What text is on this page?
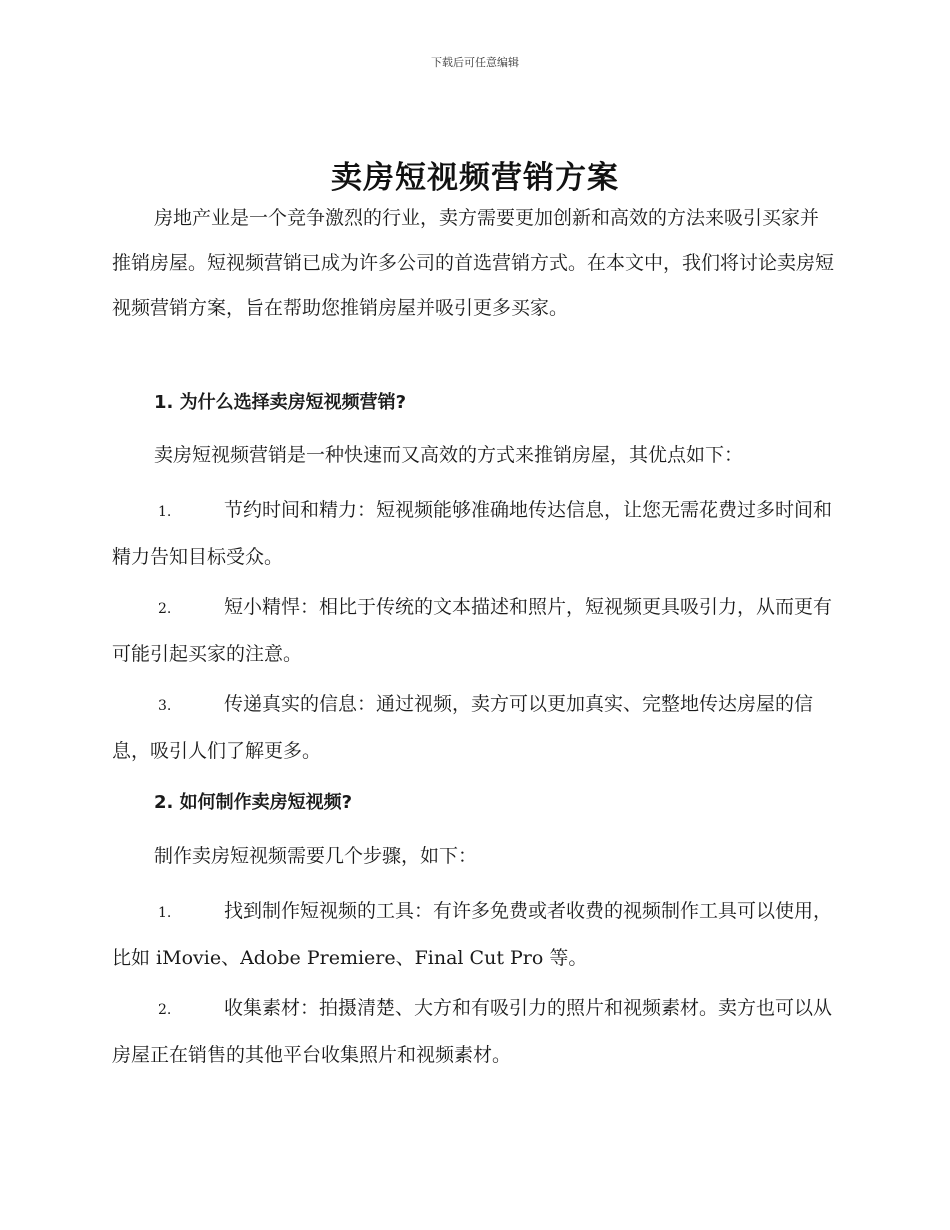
下载后可任意编辑
卖房短视频营销方案

房地产业是一个竞争激烈的行业，卖方需要更加创新和高效的方法来吸引买家并推销房屋。短视频营销已成为许多公司的首选营销方式。在本文中，我们将讨论卖房短视频营销方案，旨在帮助您推销房屋并吸引更多买家。

1. 为什么选择卖房短视频营销?

卖房短视频营销是一种快速而又高效的方式来推销房屋，其优点如下：

1.	节约时间和精力：短视频能够准确地传达信息，让您无需花费过多时间和精力告知目标受众。

2.	短小精悍：相比于传统的文本描述和照片，短视频更具吸引力，从而更有可能引起买家的注意。

3.	传递真实的信息：通过视频，卖方可以更加真实、完整地传达房屋的信息，吸引人们了解更多。

2. 如何制作卖房短视频?

制作卖房短视频需要几个步骤，如下：

1.	找到制作短视频的工具：有许多免费或者收费的视频制作工具可以使用，比如 iMovie、Adobe Premiere、Final Cut Pro 等。

2.	收集素材：拍摄清楚、大方和有吸引力的照片和视频素材。卖方也可以从房屋正在销售的其他平台收集照片和视频素材。
